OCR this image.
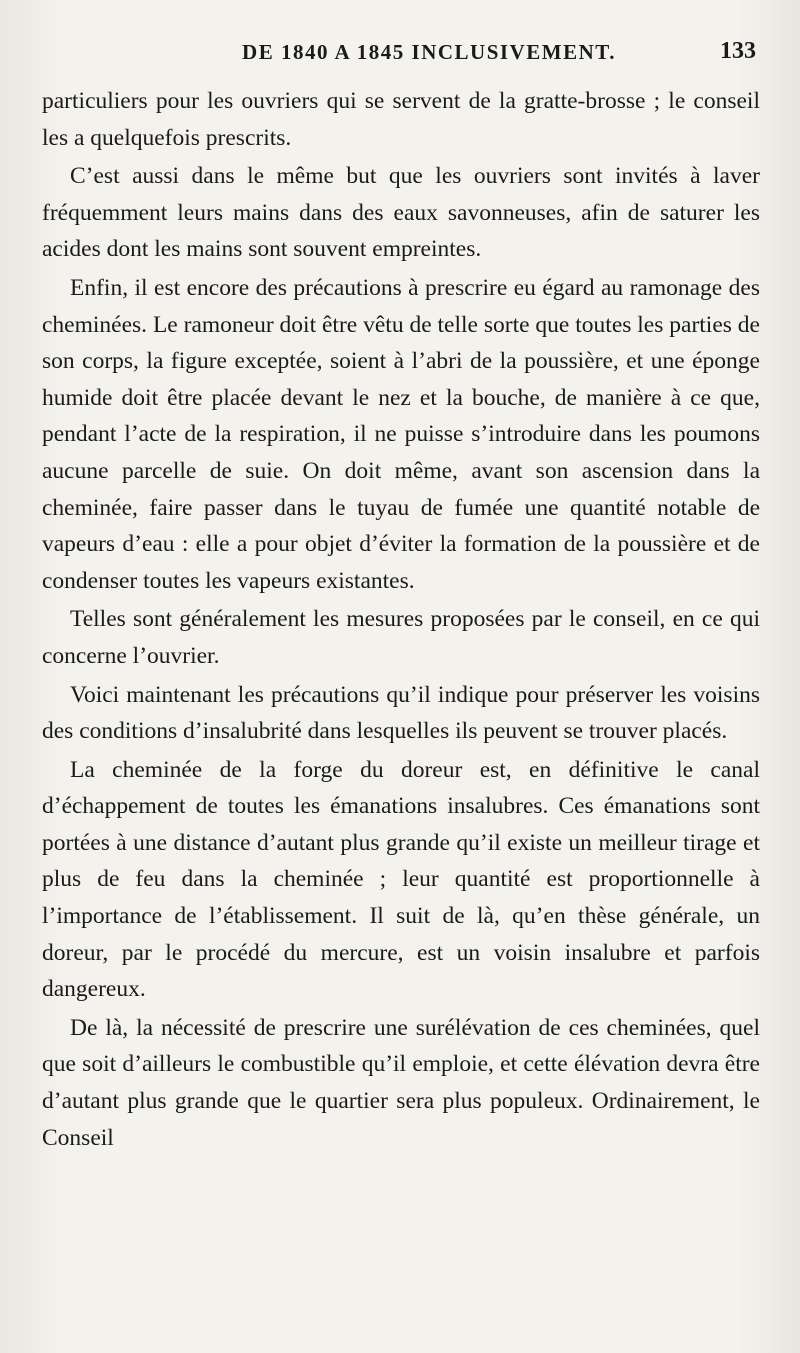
DE 1840 A 1845 INCLUSIVEMENT.	133

particuliers pour les ouvriers qui se servent de la gratte-brosse ; le conseil les a quelquefois prescrits.

C’est aussi dans le même but que les ouvriers sont invités à laver fréquemment leurs mains dans des eaux savonneuses, afin de saturer les acides dont les mains sont souvent empreintes.

Enfin, il est encore des précautions à prescrire eu égard au ramonage des cheminées. Le ramoneur doit être vêtu de telle sorte que toutes les parties de son corps, la figure exceptée, soient à l’abri de la poussière, et une éponge humide doit être placée devant le nez et la bouche, de manière à ce que, pendant l’acte de la respiration, il ne puisse s’introduire dans les poumons aucune parcelle de suie. On doit même, avant son ascension dans la cheminée, faire passer dans le tuyau de fumée une quantité notable de vapeurs d’eau : elle a pour objet d’éviter la formation de la poussière et de condenser toutes les vapeurs existantes.

Telles sont généralement les mesures proposées par le conseil, en ce qui concerne l’ouvrier.

Voici maintenant les précautions qu’il indique pour préserver les voisins des conditions d’insalubrité dans lesquelles ils peuvent se trouver placés.

La cheminée de la forge du doreur est, en définitive le canal d’échappement de toutes les émanations insalubres. Ces émanations sont portées à une distance d’autant plus grande qu’il existe un meilleur tirage et plus de feu dans la cheminée ; leur quantité est proportionnelle à l’importance de l’établissement. Il suit de là, qu’en thèse générale, un doreur, par le procédé du mercure, est un voisin insalubre et parfois dangereux.

De là, la nécessité de prescrire une surélévation de ces cheminées, quel que soit d’ailleurs le combustible qu’il emploie, et cette élévation devra être d’autant plus grande que le quartier sera plus populeux. Ordinairement, le Conseil
